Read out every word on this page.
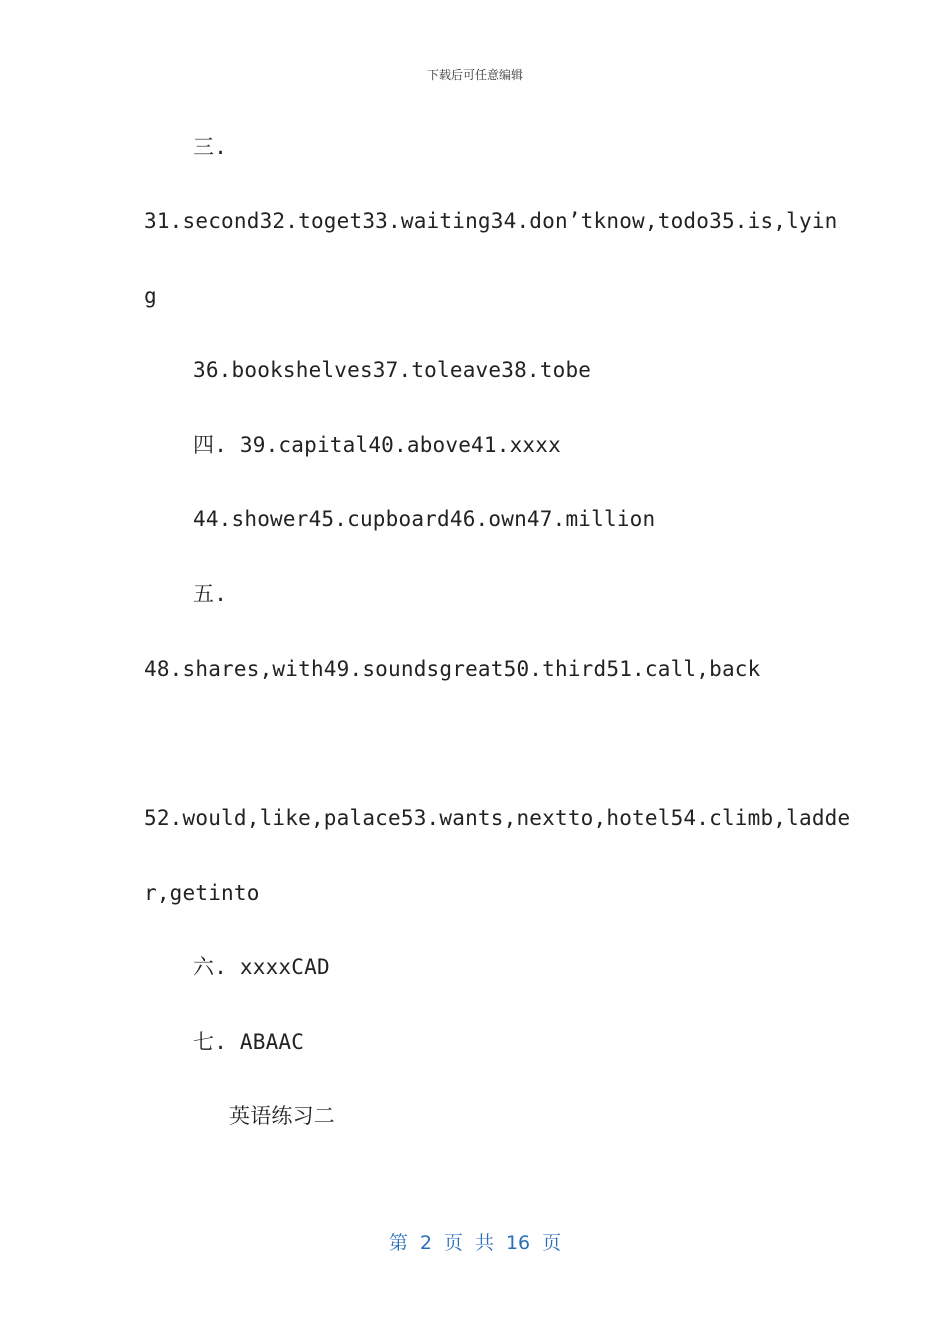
下载后可任意编辑
三.
31.second32.toget33.waiting34.don’tknow,todo35.is,lyin
g
36.bookshelves37.toleave38.tobe
四. 39.capital40.above41.xxxx
44.shower45.cupboard46.own47.million
五.
48.shares,with49.soundsgreat50.third51.call,back
52.would,like,palace53.wants,nextto,hotel54.climb,ladde
r,getinto
六. xxxxCAD
七. ABAAC
英语练习二
第 2 页 共 16 页
